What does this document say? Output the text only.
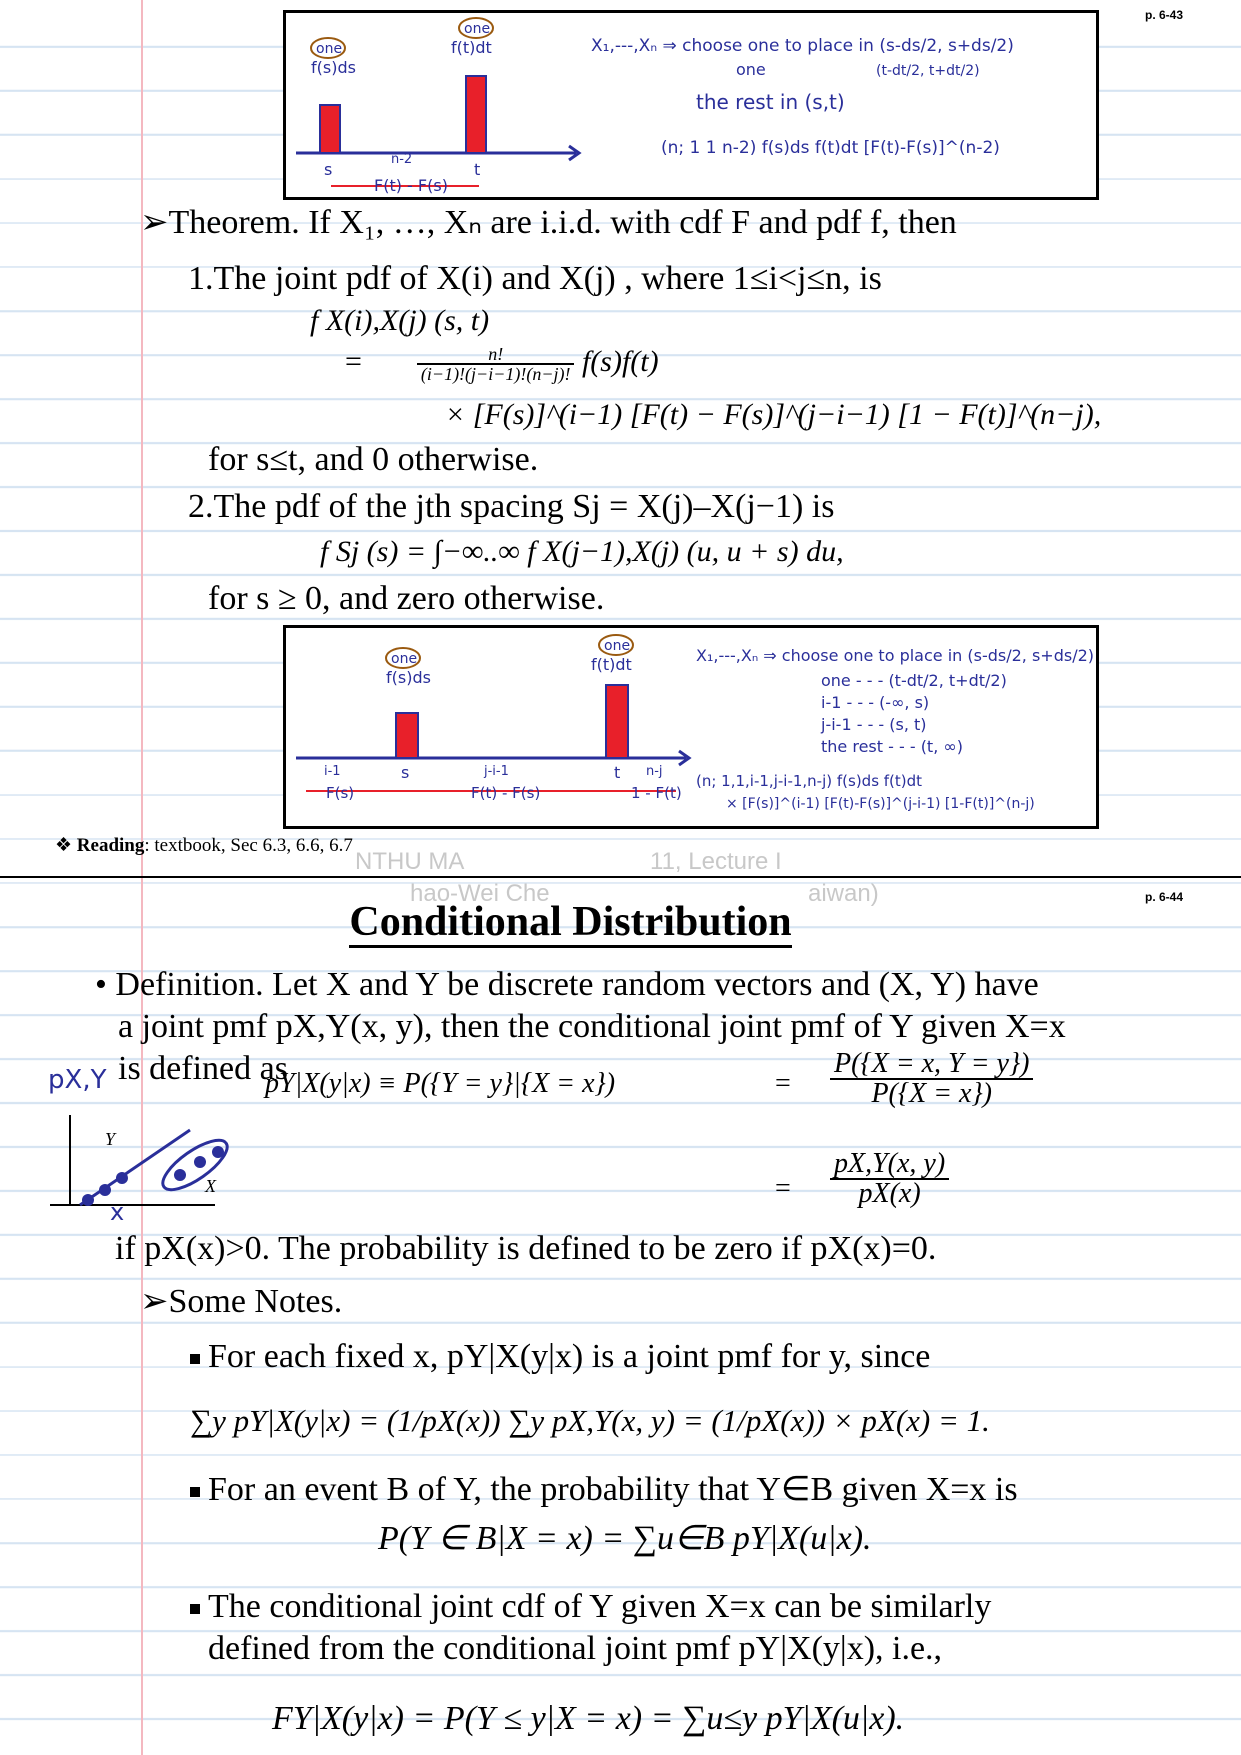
p. 6-43
one
one
f(s)ds
f(t)dt
s	t
n-2
F(t) - F(s)
X₁,---,Xₙ ⇒ choose one to place in (s-ds/2, s+ds/2)
one	(t-dt/2, t+dt/2)
the rest in (s,t)
(n; 1 1 n-2) f(s)ds f(t)dt [F(t)-F(s)]^(n-2)
➢Theorem. If X₁, …, Xₙ are i.i.d. with cdf F and pdf f, then
1.The joint pdf of X(i) and X(j) , where 1≤i<j≤n, is
f X(i),X(j) (s, t)
=	$\frac{n!}{(i-1)!(j-i-1)!(n-j)!} f(s)f(t)$
× [F(s)]^(i−1) [F(t) − F(s)]^(j−i−1) [1 − F(t)]^(n−j),
for s≤t, and 0 otherwise.
2.The pdf of the jth spacing Sj = X(j)–X(j−1) is
f Sj (s) = ∫−∞..∞ f X(j−1),X(j) (u, u + s) du,
for s ≥ 0, and zero otherwise.
one
one
f(s)ds
f(t)dt
s	t
i-1	j-i-1	n-j
F(s)	F(t) - F(s)	1 - F(t)
X₁,---,Xₙ ⇒ choose one to place in (s-ds/2, s+ds/2)
one - - - (t-dt/2, t+dt/2)
i-1 - - - (-∞, s)
j-i-1 - - - (s, t)
the rest - - - (t, ∞)
(n; 1,1,i-1,j-i-1,n-j) f(s)ds f(t)dt
× [F(s)]^(i-1) [F(t)-F(s)]^(j-i-1) [1-F(t)]^(n-j)
❖ Reading: textbook, Sec 6.3, 6.6, 6.7
NTHU MA	11, Lecture I
hao-Wei Che	aiwan)	p. 6-44
Conditional Distribution
• Definition. Let X and Y be discrete random vectors and (X, Y) have
a joint pmf pX,Y(x, y), then the conditional joint pmf of Y given X=x
is defined as
pX,Y
Y
X
x
pY|X(y|x) ≡ P({Y = y}|{X = x})	= $\frac{P(\{X = x, Y = y\})}{P(\{X = x\})}$
= $\frac{pX,Y(x, y)}{pX(x)}$
if pX(x)>0. The probability is defined to be zero if pX(x)=0.
➢Some Notes.
For each fixed x, pY|X(y|x) is a joint pmf for y, since
∑y pY|X(y|x) = (1/pX(x)) ∑y pX,Y(x, y) = (1/pX(x)) × pX(x) = 1.
For an event B of Y, the probability that Y∈B given X=x is
P(Y ∈ B|X = x) = ∑u∈B pY|X(u|x).
The conditional joint cdf of Y given X=x can be similarly
defined from the conditional joint pmf pY|X(y|x), i.e.,
FY|X(y|x) = P(Y ≤ y|X = x) = ∑u≤y pY|X(u|x).
